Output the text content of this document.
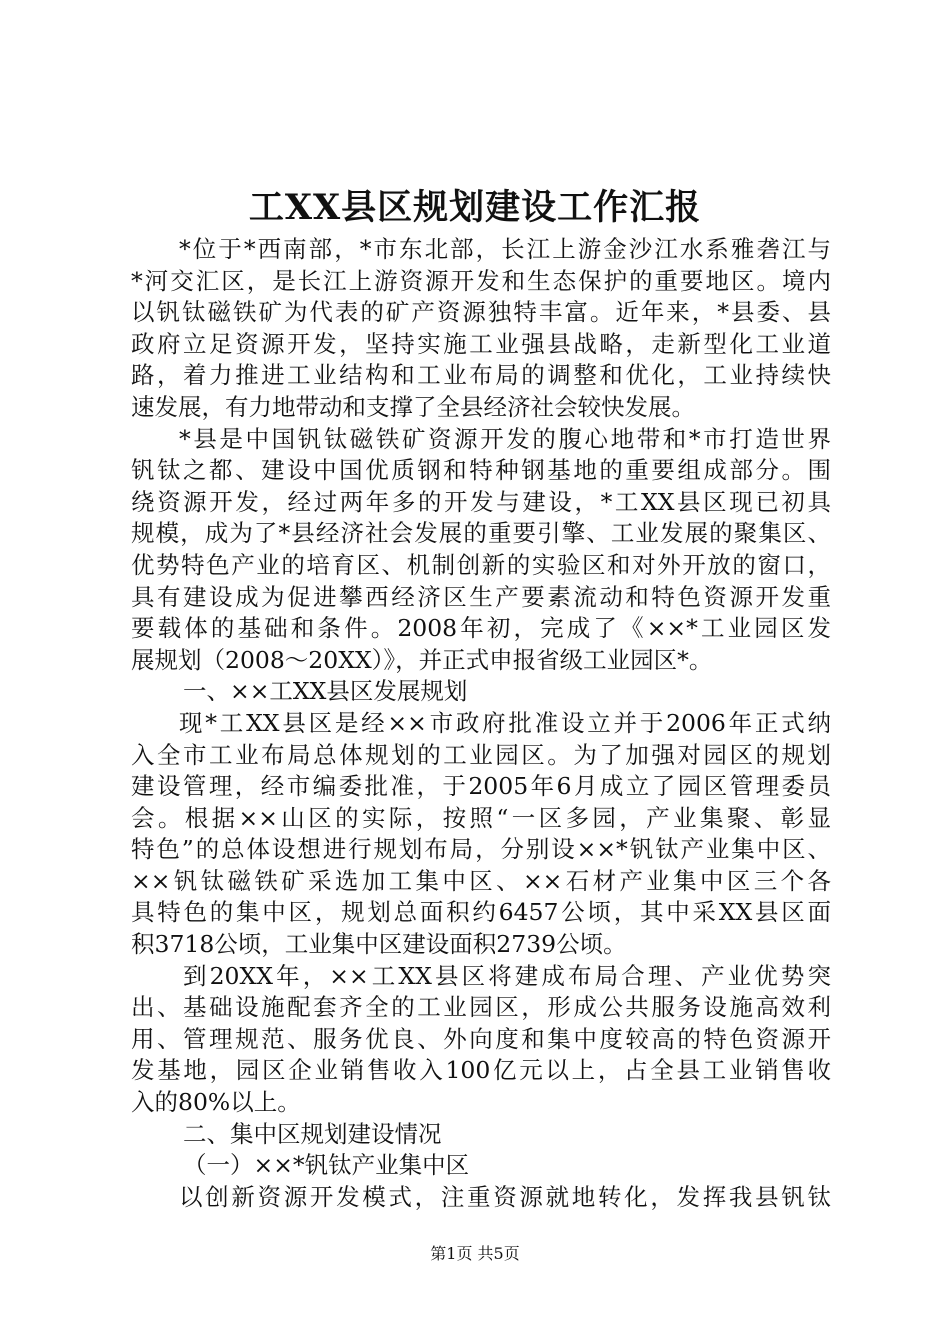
工XX县区规划建设工作汇报
*位于*西南部，*市东北部，长江上游金沙江水系雅砻江与
*河交汇区，是长江上游资源开发和生态保护的重要地区。境内
以钒钛磁铁矿为代表的矿产资源独特丰富。近年来，*县委、县
政府立足资源开发，坚持实施工业强县战略，走新型化工业道
路，着力推进工业结构和工业布局的调整和优化，工业持续快
速发展，有力地带动和支撑了全县经济社会较快发展。
*县是中国钒钛磁铁矿资源开发的腹心地带和*市打造世界
钒钛之都、建设中国优质钢和特种钢基地的重要组成部分。围
绕资源开发，经过两年多的开发与建设，*工XX县区现已初具
规模，成为了*县经济社会发展的重要引擎、工业发展的聚集区、
优势特色产业的培育区、机制创新的实验区和对外开放的窗口，
具有建设成为促进攀西经济区生产要素流动和特色资源开发重
要载体的基础和条件。2008年初，完成了《××*工业园区发
展规划（2008～20XX）》，并正式申报省级工业园区*。
一、××工XX县区发展规划
现*工XX县区是经××市政府批准设立并于2006年正式纳
入全市工业布局总体规划的工业园区。为了加强对园区的规划
建设管理，经市编委批准，于2005年6月成立了园区管理委员
会。根据××山区的实际，按照“一区多园，产业集聚、彰显
特色”的总体设想进行规划布局，分别设××*钒钛产业集中区、
××钒钛磁铁矿采选加工集中区、××石材产业集中区三个各
具特色的集中区，规划总面积约6457公顷，其中采XX县区面
积3718公顷，工业集中区建设面积2739公顷。
到20XX年，××工XX县区将建成布局合理、产业优势突
出、基础设施配套齐全的工业园区，形成公共服务设施高效利
用、管理规范、服务优良、外向度和集中度较高的特色资源开
发基地，园区企业销售收入100亿元以上，占全县工业销售收
入的80%以上。
二、集中区规划建设情况
（一）××*钒钛产业集中区
以创新资源开发模式，注重资源就地转化，发挥我县钒钛
第1页 共5页
